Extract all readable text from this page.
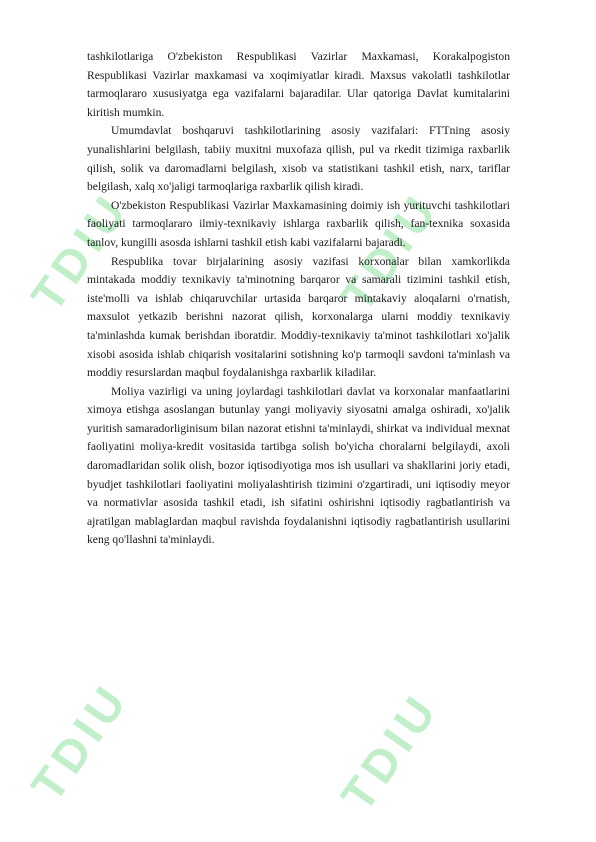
TDIU
TDIU
TDIU
TDIU

tashkilotlariga O'zbekiston Respublikasi Vazirlar Maxkamasi, Korakalpogiston Respublikasi Vazirlar maxkamasi va xoqimiyatlar kiradi. Maxsus vakolatli tashkilotlar tarmoqlararo xususiyatga ega vazifalarni bajaradilar. Ular qatoriga Davlat kumitalarini kiritish mumkin.

Umumdavlat boshqaruvi tashkilotlarining asosiy vazifalari: FTTning asosiy yunalishlarini belgilash, tabiiy muxitni muxofaza qilish, pul va rkedit tizimiga raxbarlik qilish, solik va daromadlarni belgilash, xisob va statistikani tashkil etish, narx, tariflar belgilash, xalq xo'jaligi tarmoqlariga raxbarlik qilish kiradi.

O'zbekiston Respublikasi Vazirlar Maxkamasining doimiy ish yurituvchi tashkilotlari faoliyati tarmoqlararo ilmiy-texnikaviy ishlarga raxbarlik qilish, fan-texnika soxasida tanlov, kungilli asosda ishlarni tashkil etish kabi vazifalarni bajaradi.

Respublika tovar birjalarining asosiy vazifasi korxonalar bilan xamkorlikda mintakada moddiy texnikaviy ta'minotning barqaror va samarali tizimini tashkil etish, iste'molli va ishlab chiqaruvchilar urtasida barqaror mintakaviy aloqalarni o'rnatish, maxsulot yetkazib berishni nazorat qilish, korxonalarga ularni moddiy texnikaviy ta'minlashda kumak berishdan iboratdir. Moddiy-texnikaviy ta'minot tashkilotlari xo'jalik xisobi asosida ishlab chiqarish vositalarini sotishning ko'p tarmoqli savdoni ta'minlash va moddiy resurslardan maqbul foydalanishga raxbarlik kiladilar.

Moliya vazirligi va uning joylardagi tashkilotlari davlat va korxonalar manfaatlarini ximoya etishga asoslangan butunlay yangi moliyaviy siyosatni amalga oshiradi, xo'jalik yuritish samaradorliginisum bilan nazorat etishni ta'minlaydi, shirkat va individual mexnat faoliyatini moliya-kredit vositasida tartibga solish bo'yicha choralarni belgilaydi, axoli daromadlaridan solik olish, bozor iqtisodiyotiga mos ish usullari va shakllarini joriy etadi, byudjet tashkilotlari faoliyatini moliyalashtirish tizimini o'zgartiradi, uni iqtisodiy meyor va normativlar asosida tashkil etadi, ish sifatini oshirishni iqtisodiy ragbatlantirish va ajratilgan mablaglardan maqbul ravishda foydalanishni iqtisodiy ragbatlantirish usullarini keng qo'llashni ta'minlaydi.
